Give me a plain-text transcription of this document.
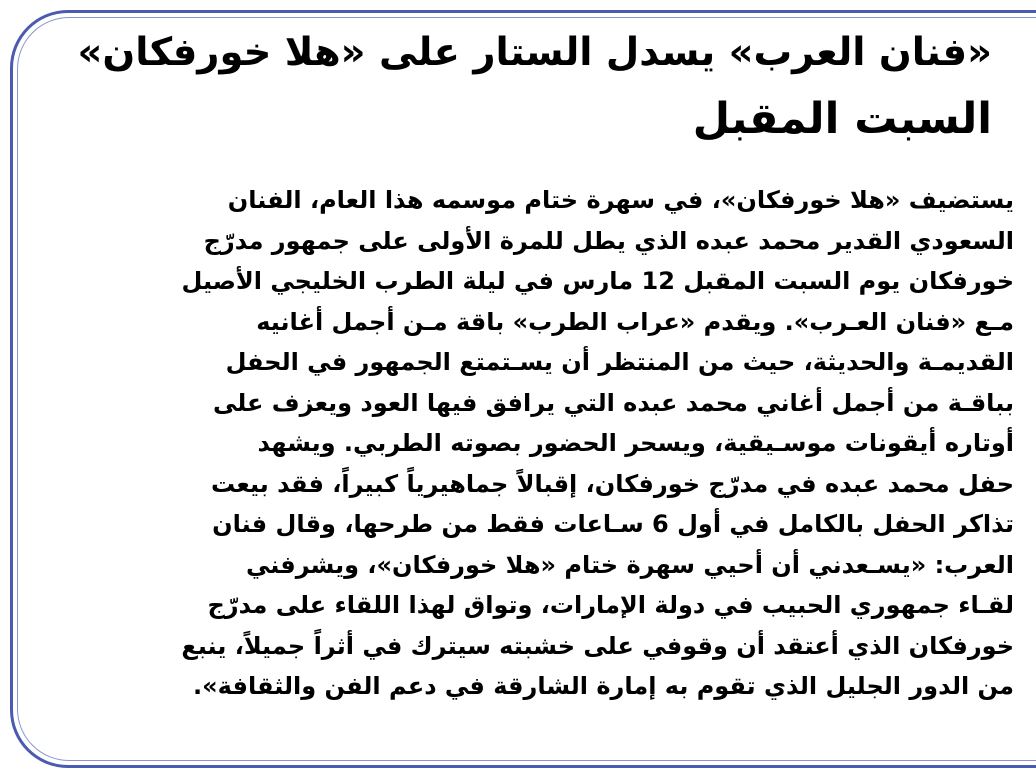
«فنان العرب» يسدل الستار على «هلا خورفكان»
السبت المقبل
يستضيف «هلا خورفكان»، في سهرة ختام موسمه هذا العام، الفنان
السعودي القدير محمد عبده الذي يطل للمرة الأولى على جمهور مدرّج
خورفكان يوم السبت المقبل 12 مارس في ليلة الطرب الخليجي الأصيل
مـع «فنان العـرب». ويقدم «عراب الطرب» باقة مـن أجمل أغانيه
القديمـة والحديثة، حيث من المنتظر أن يسـتمتع الجمهور في الحفل
بباقـة من أجمل أغاني محمد عبده التي يرافق فيها العود ويعزف على
أوتاره أيقونات موسـيقية، ويسحر الحضور بصوته الطربي. ويشهد
حفل محمد عبده في مدرّج خورفكان، إقبالاً جماهيرياً كبيراً، فقد بيعت
تذاكر الحفل بالكامل في أول 6 سـاعات فقط من طرحها، وقال فنان
العرب: «يسـعدني أن أحيي سهرة ختام «هلا خورفكان»، ويشرفني
لقـاء جمهوري الحبيب في دولة الإمارات، وتواق لهذا اللقاء على مدرّج
خورفكان الذي أعتقد أن وقوفي على خشبته سيترك في أثراً جميلاً، ينبع
من الدور الجليل الذي تقوم به إمارة الشارقة في دعم الفن والثقافة».
